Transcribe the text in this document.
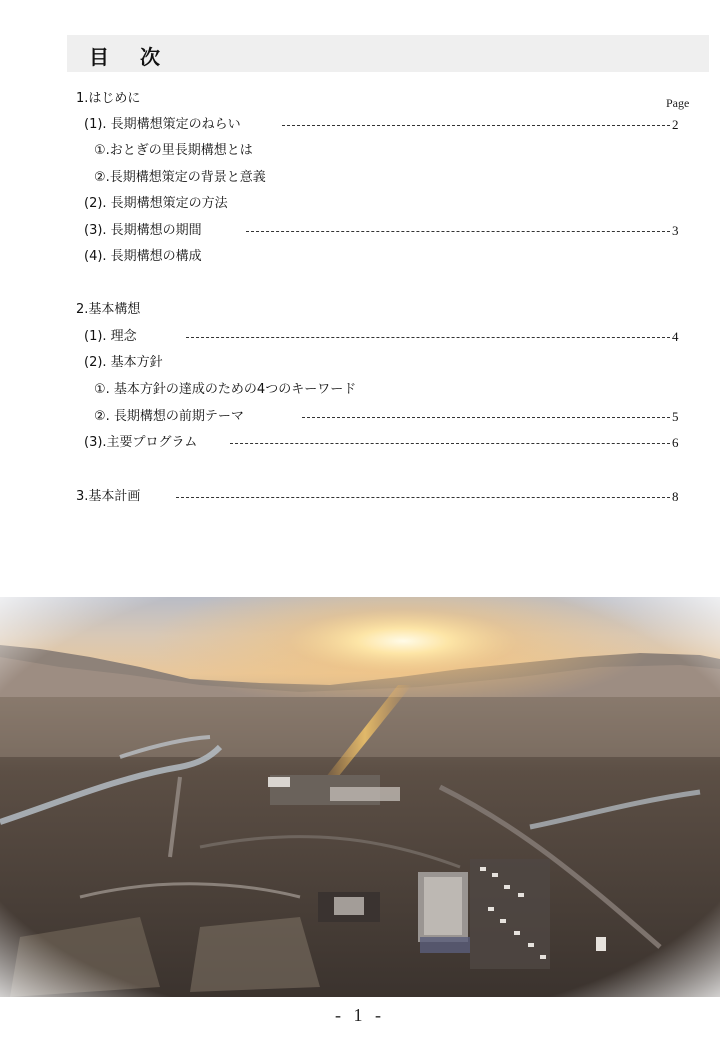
目 次
Page
1.はじめに
(1). 長期構想策定のねらい	2
①.おとぎの里長期構想とは
②.長期構想策定の背景と意義
(2). 長期構想策定の方法
(3). 長期構想の期間	3
(4). 長期構想の構成
2.基本構想
(1). 理念	4
(2). 基本方針
①. 基本方針の達成のための4つのキーワード
②. 長期構想の前期テーマ	5
(3).主要プログラム	6
3.基本計画	8
- 1 -
